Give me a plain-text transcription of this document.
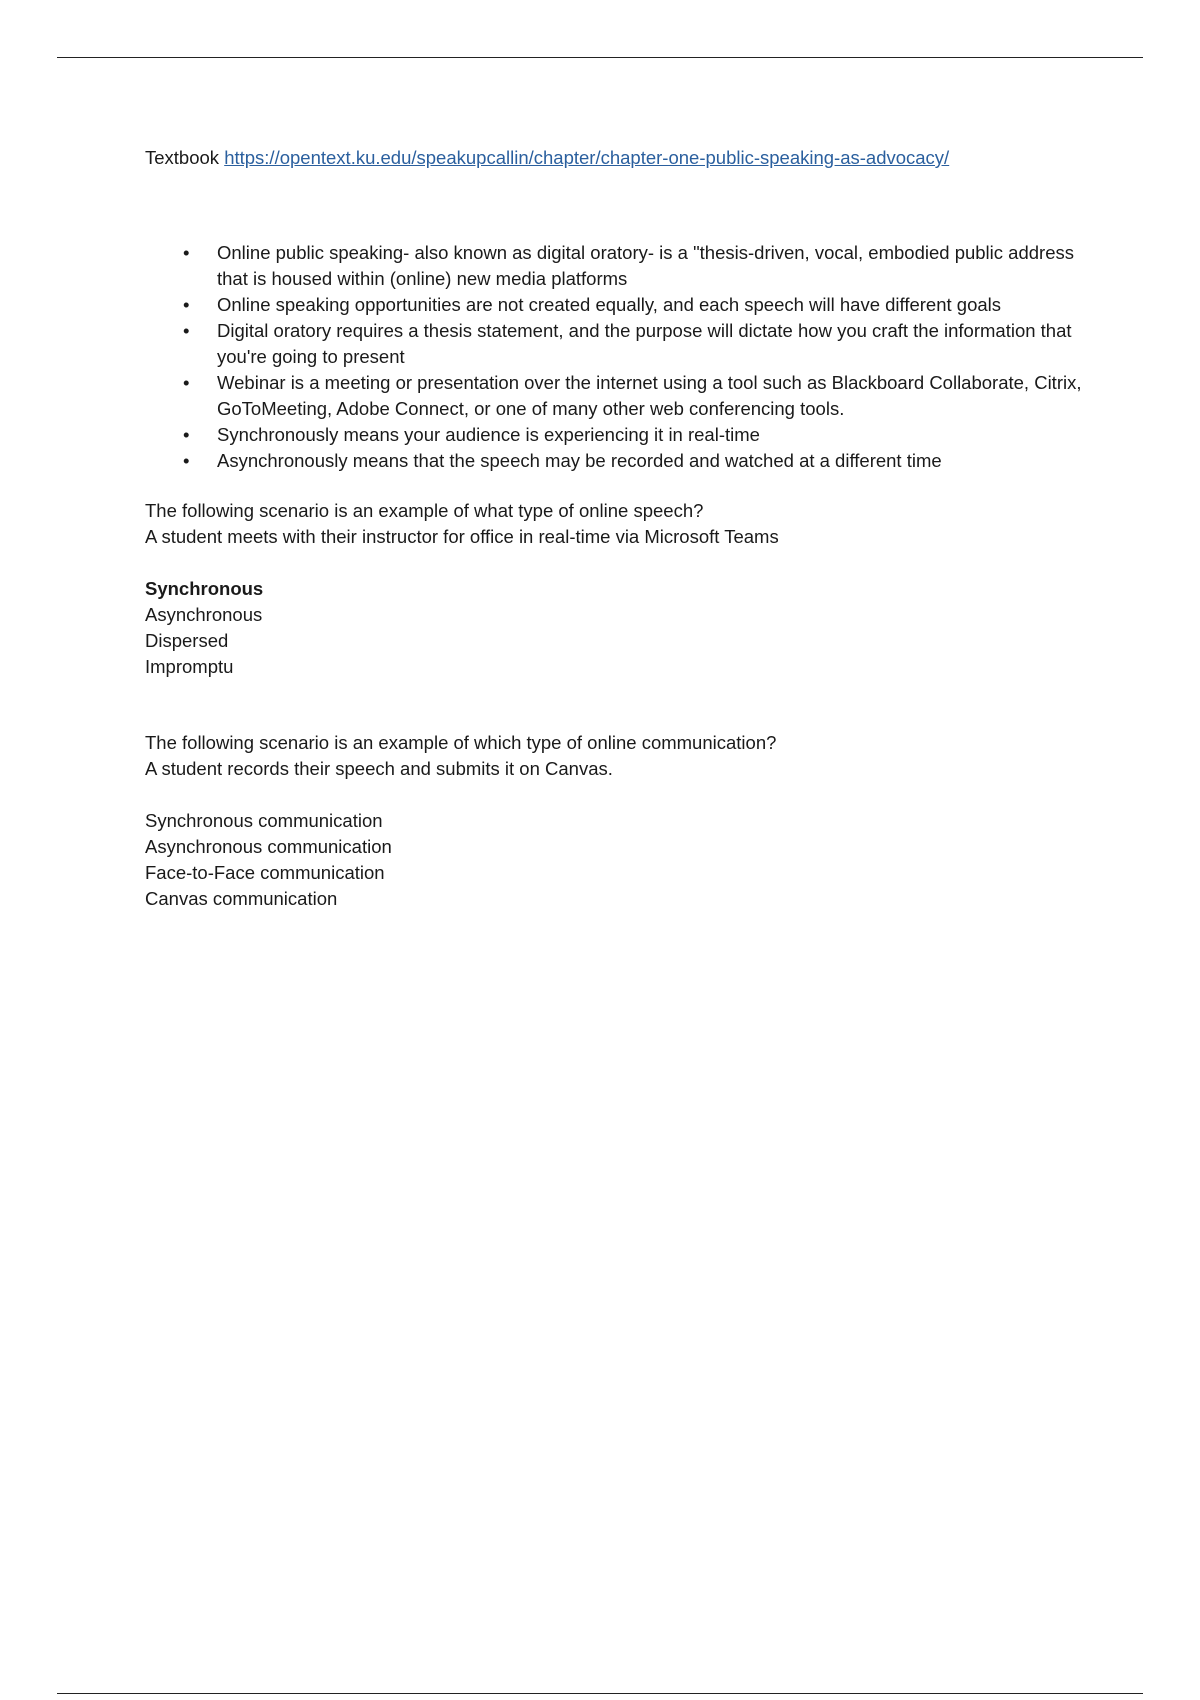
Textbook https://opentext.ku.edu/speakupcallin/chapter/chapter-one-public-speaking-as-advocacy/

• Online public speaking- also known as digital oratory- is a "thesis-driven, vocal, embodied public address that is housed within (online) new media platforms
• Online speaking opportunities are not created equally, and each speech will have different goals
• Digital oratory requires a thesis statement, and the purpose will dictate how you craft the information that you're going to present
• Webinar is a meeting or presentation over the internet using a tool such as Blackboard Collaborate, Citrix, GoToMeeting, Adobe Connect, or one of many other web conferencing tools.
• Synchronously means your audience is experiencing it in real-time
• Asynchronously means that the speech may be recorded and watched at a different time

The following scenario is an example of what type of online speech?

A student meets with their instructor for office in real-time via Microsoft Teams

Synchronous
Asynchronous
Dispersed
Impromptu

The following scenario is an example of which type of online communication?

A student records their speech and submits it on Canvas.

Synchronous communication
Asynchronous communication
Face-to-Face communication
Canvas communication
